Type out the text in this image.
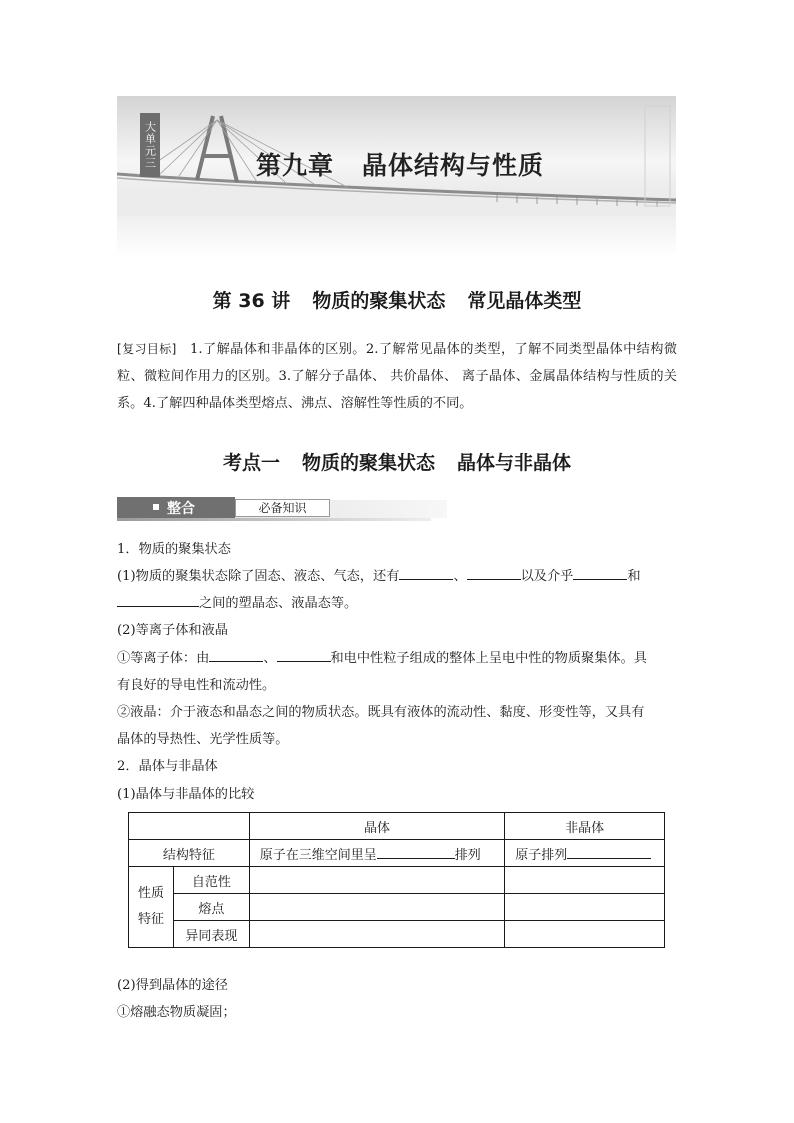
大单元三	第九章 晶体结构与性质
第 36 讲 物质的聚集状态 常见晶体类型
[复习目标] 1.了解晶体和非晶体的区别。2.了解常见晶体的类型，了解不同类型晶体中结构微粒、微粒间作用力的区别。3.了解分子晶体、 共价晶体、 离子晶体、金属晶体结构与性质的关系。4.了解四种晶体类型熔点、沸点、溶解性等性质的不同。
考点一 物质的聚集状态 晶体与非晶体
整合	必备知识
1．物质的聚集状态
(1)物质的聚集状态除了固态、液态、气态，还有	、	以及介乎	和
之间的塑晶态、液晶态等。
(2)等离子体和液晶
①等离子体：由	、	和电中性粒子组成的整体上呈电中性的物质聚集体。具
有良好的导电性和流动性。
②液晶：介于液态和晶态之间的物质状态。既具有液体的流动性、黏度、形变性等，又具有
晶体的导热性、光学性质等。
2．晶体与非晶体
(1)晶体与非晶体的比较
		晶体	非晶体
结构特征		原子在三维空间里呈 排列	原子排列
性质特征	自范性		
	熔点		
	异同表现		
(2)得到晶体的途径
①熔融态物质凝固；
